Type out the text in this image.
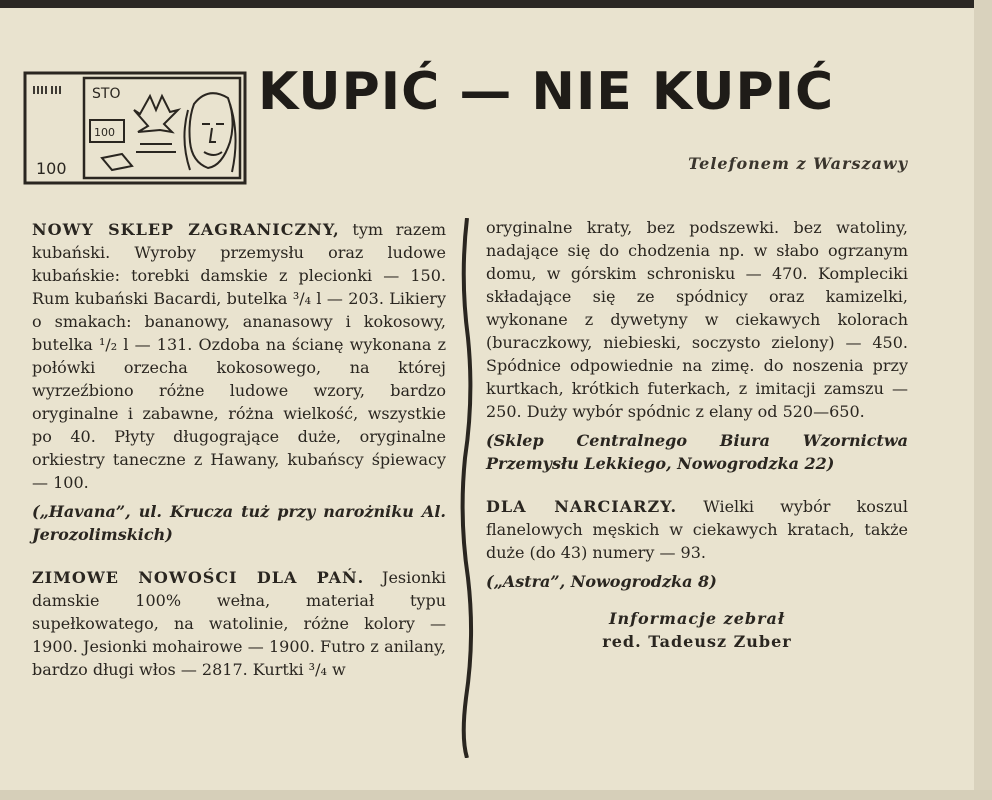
STO
100
100
KUPIĆ — NIE KUPIĆ
Telefonem z Warszawy

NOWY SKLEP ZAGRANICZNY, tym razem kubański. Wyroby przemysłu oraz ludowe kubańskie: torebki damskie z plecionki — 150. Rum kubański Bacardi, butelka ³/₄ l — 203. Likiery o smakach: bananowy, ananasowy i kokosowy, butelka ¹/₂ l — 131. Ozdoba na ścianę wykonana z połówki orzecha kokosowego, na której wyrzeźbiono różne ludowe wzory, bardzo oryginalne i zabawne, różna wielkość, wszystkie po 40. Płyty długogrające duże, oryginalne orkiestry taneczne z Hawany, kubańscy śpiewacy — 100.

(„Havana”, ul. Krucza tuż przy narożniku Al. Jerozolimskich)

ZIMOWE NOWOŚCI DLA PAŃ. Jesionki damskie 100% wełna, materiał typu supełkowatego, na watolinie, różne kolory — 1900. Jesionki mohairowe — 1900. Futro z anilany, bardzo długi włos — 2817. Kurtki ³/₄ w

oryginalne kraty, bez podszewki. bez watoliny, nadające się do chodzenia np. w słabo ogrzanym domu, w górskim schronisku — 470. Kompleciki składające się ze spódnicy oraz kamizelki, wykonane z dywetyny w ciekawych kolorach (buraczkowy, niebieski, soczysto zielony) — 450. Spódnice odpowiednie na zimę. do noszenia przy kurtkach, krótkich futerkach, z imitacji zamszu — 250. Duży wybór spódnic z elany od 520—650.

(Sklep Centralnego Biura Wzornictwa Przemysłu Lekkiego, Nowogrodzka 22)

DLA NARCIARZY. Wielki wybór koszul flanelowych męskich w ciekawych kratach, także duże (do 43) numery — 93.

(„Astra”, Nowogrodzka 8)

Informacje zebrał
red. Tadeusz Zuber
